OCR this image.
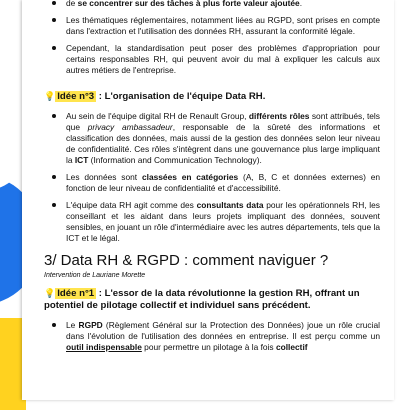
de se concentrer sur des tâches à plus forte valeur ajoutée.
Les thématiques réglementaires, notamment liées au RGPD, sont prises en compte dans l'extraction et l'utilisation des données RH, assurant la conformité légale.
Cependant, la standardisation peut poser des problèmes d'appropriation pour certains responsables RH, qui peuvent avoir du mal à expliquer les calculs aux autres métiers de l'entreprise.
💡 Idée n°3 : L'organisation de l'équipe Data RH.
Au sein de l'équipe digital RH de Renault Group, différents rôles sont attribués, tels que privacy ambassadeur, responsable de la sûreté des informations et classification des données, mais aussi de la gestion des données selon leur niveau de confidentialité. Ces rôles s'intègrent dans une gouvernance plus large impliquant la ICT (Information and Communication Technology).
Les données sont classées en catégories (A, B, C et données externes) en fonction de leur niveau de confidentialité et d'accessibilité.
L'équipe data RH agit comme des consultants data pour les opérationnels RH, les conseillant et les aidant dans leurs projets impliquant des données, souvent sensibles, en jouant un rôle d'intermédiaire avec les autres départements, tels que la ICT et le légal.
3/ Data RH & RGPD : comment naviguer ?

Intervention de Lauriane Morette

💡 Idée n°1 : L'essor de la data révolutionne la gestion RH, offrant un potentiel de pilotage collectif et individuel sans précédent.
Le RGPD (Règlement Général sur la Protection des Données) joue un rôle crucial dans l'évolution de l'utilisation des données en entreprise. Il est perçu comme un outil indispensable pour permettre un pilotage à la fois collectif
